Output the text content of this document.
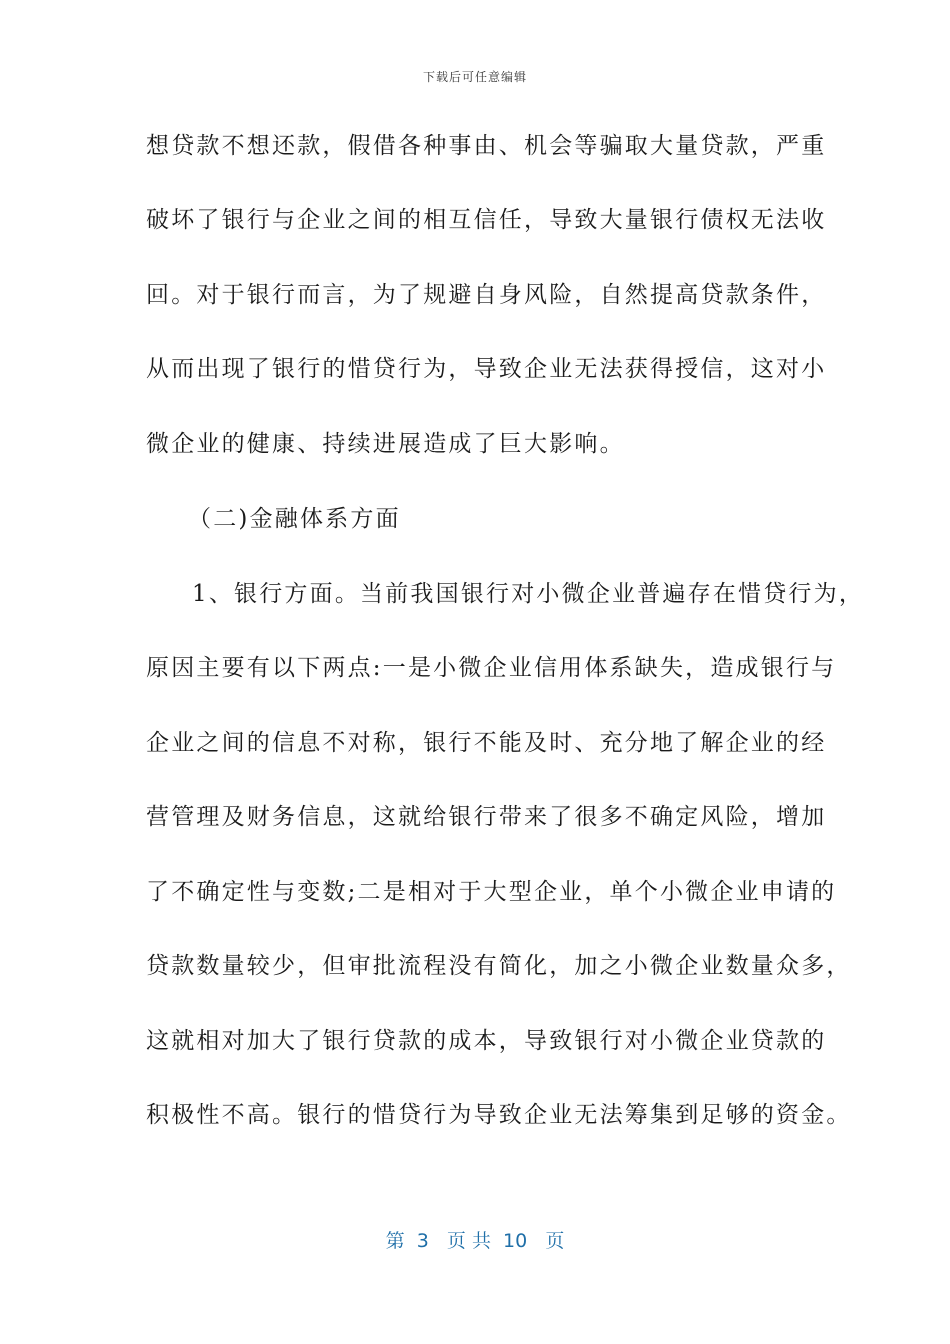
下载后可任意编辑
想贷款不想还款，假借各种事由、机会等骗取大量贷款，严重
破坏了银行与企业之间的相互信任，导致大量银行债权无法收
回。对于银行而言，为了规避自身风险，自然提高贷款条件，
从而出现了银行的惜贷行为，导致企业无法获得授信，这对小
微企业的健康、持续进展造成了巨大影响。
（二)金融体系方面
1、银行方面。当前我国银行对小微企业普遍存在惜贷行为，
原因主要有以下两点:一是小微企业信用体系缺失，造成银行与
企业之间的信息不对称，银行不能及时、充分地了解企业的经
营管理及财务信息，这就给银行带来了很多不确定风险，增加
了不确定性与变数;二是相对于大型企业，单个小微企业申请的
贷款数量较少，但审批流程没有简化，加之小微企业数量众多，
这就相对加大了银行贷款的成本，导致银行对小微企业贷款的
积极性不高。银行的惜贷行为导致企业无法筹集到足够的资金。
第  3   页 共  10   页
